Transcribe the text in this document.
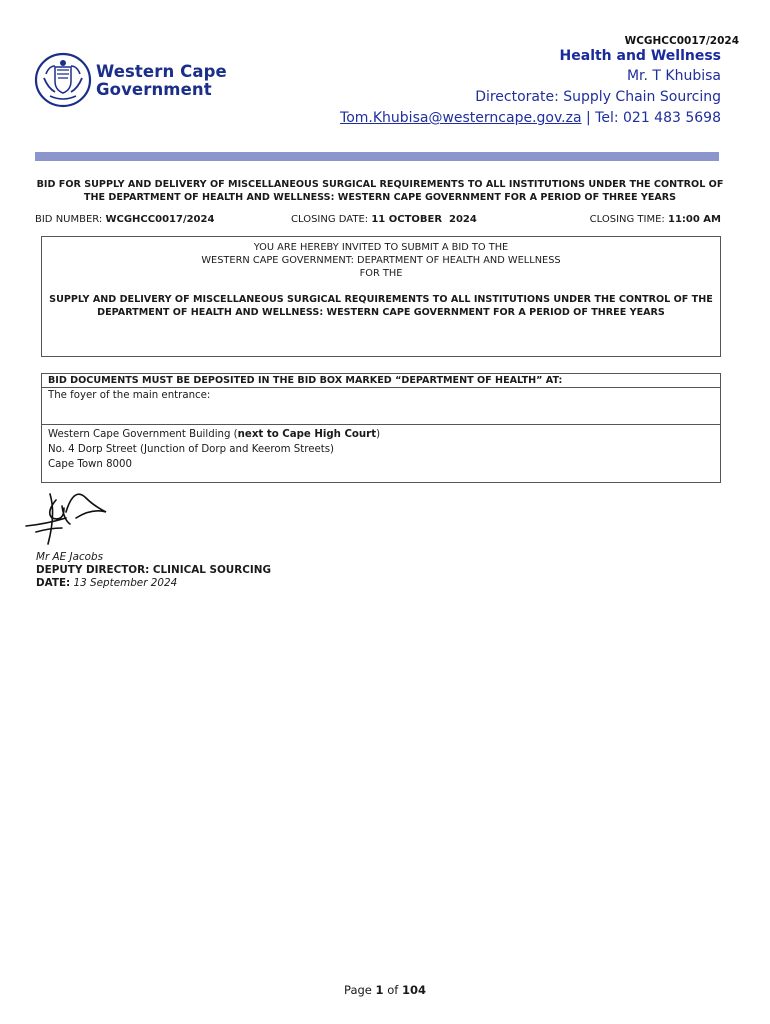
WCGHCC0017/2024
Western Cape
Government
Health and Wellness
Mr. T Khubisa
Directorate: Supply Chain Sourcing
Tom.Khubisa@westerncape.gov.za | Tel: 021 483 5698
BID FOR SUPPLY AND DELIVERY OF MISCELLANEOUS SURGICAL REQUIREMENTS TO ALL INSTITUTIONS UNDER THE CONTROL OF
THE DEPARTMENT OF HEALTH AND WELLNESS: WESTERN CAPE GOVERNMENT FOR A PERIOD OF THREE YEARS
BID NUMBER: WCGHCC0017/2024	CLOSING DATE: 11 OCTOBER  2024	CLOSING TIME: 11:00 AM
YOU ARE HEREBY INVITED TO SUBMIT A BID TO THE
WESTERN CAPE GOVERNMENT: DEPARTMENT OF HEALTH AND WELLNESS
FOR THE
SUPPLY AND DELIVERY OF MISCELLANEOUS SURGICAL REQUIREMENTS TO ALL INSTITUTIONS UNDER THE CONTROL OF THE
DEPARTMENT OF HEALTH AND WELLNESS: WESTERN CAPE GOVERNMENT FOR A PERIOD OF THREE YEARS
BID DOCUMENTS MUST BE DEPOSITED IN THE BID BOX MARKED “DEPARTMENT OF HEALTH” AT:
The foyer of the main entrance:
Western Cape Government Building (next to Cape High Court)
No. 4 Dorp Street (Junction of Dorp and Keerom Streets)
Cape Town 8000
Mr AE Jacobs
DEPUTY DIRECTOR: CLINICAL SOURCING
DATE: 13 September 2024
Page 1 of 104
